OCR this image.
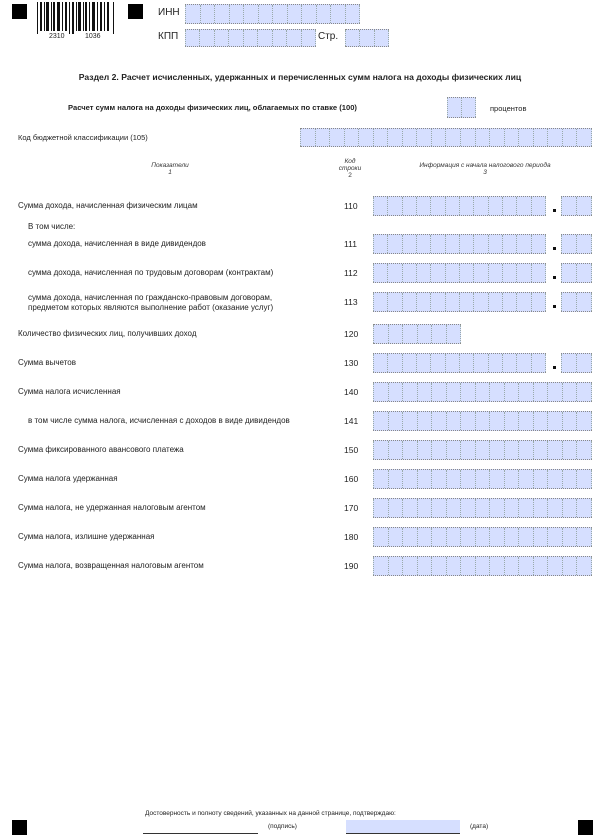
2310	1036
ИНН
КПП	Стр.
Раздел 2. Расчет исчисленных, удержанных и перечисленных сумм налога на доходы физических лиц
Расчет сумм налога на доходы физических лиц, облагаемых по ставке (100)	процентов
Код бюджетной классификации (105)
Показатели
1
Код
строки
2
Информация с начала налогового периода
3
Сумма дохода, начисленная физическим лицам	110
В том числе:
сумма дохода, начисленная в виде дивидендов	111
сумма дохода, начисленная по трудовым договорам (контрактам)	112
сумма дохода, начисленная по гражданско-правовым договорам,
предметом которых являются выполнение работ (оказание услуг)
113
Количество физических лиц, получивших доход	120
Сумма вычетов	130
Сумма налога исчисленная	140
в том числе сумма налога, исчисленная с доходов в виде дивидендов	141
Сумма фиксированного авансового платежа	150
Сумма налога удержанная	160
Сумма налога, не удержанная налоговым агентом	170
Сумма налога, излишне удержанная	180
Сумма налога, возвращенная налоговым агентом	190
Достоверность и полноту сведений, указанных на данной странице, подтверждаю:
(подпись)	(дата)
